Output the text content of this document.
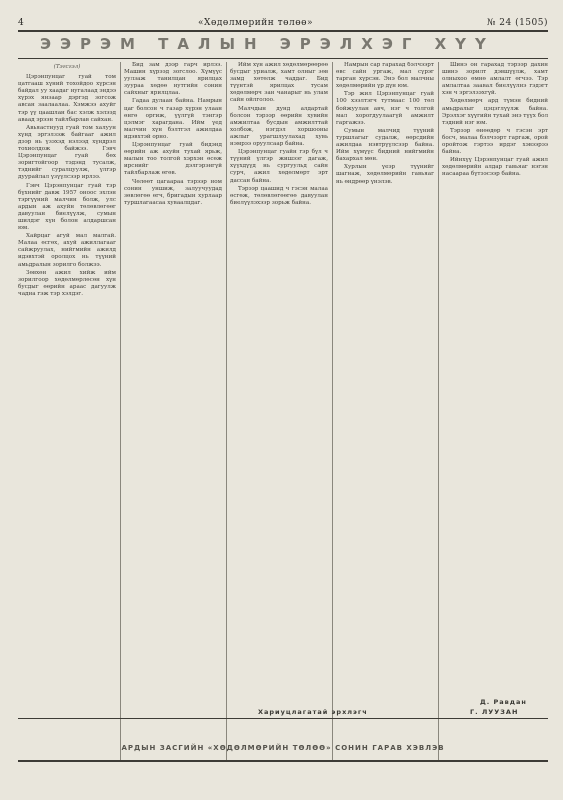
4	«Хөдөлмөрийн төлөө»	№ 24 (1505)
ЭЭРЭМ ТАЛЫН ЭРЭЛХЭГ ХҮҮ

(Тэгсгэл)

Цэрэнпунцаг гуай том цатгааш хүний тохойдоо хүрсэн байдал уу хаадаг нугалаад эндээ хүрэх янзаар дэргэд зогсож авсан заалаалаа. Хэмжээ ахуйг тэр үү цаашлан бас хэлж хэлээд аваад эрээн тайлбарлав сайхан.

Авьяастнууд гуай том халуун хүнд эргэлзэж байгааг ажил дээр нь үзэхэд нэлээд хүндрэл тохиолдож байжээ. Гэвч Цэрэнпунцаг гуай бөх зоригтойгоор тэдэнд тусалж, тэднийг суралцуулж, үлгэр дуурайлал үзүүлсээр ирлээ.

Гэвч Цэрэнпунцаг гуай тэр бүхнийг давж 1957 оноос эхлэн тэргүүний малчин болж, улс ардын аж ахуйн төлөвлөгөөг давуулан биелүүлж, сумын шилдэг хүн болон алдаршсан юм.

Хайрцаг агуй мал малгай. Малаа өсгөх, ахуй ажиллагааг сайжруулах, нийгмийн ажилд идэвхтэй оролцох нь түүний амьдралын зорилго болжээ.

Зөвхөн ажил хийж ийм зорилгоор хөдөлмөрлөсөн хүн бусдыг өөрийн араас дагуулж чадна гэж тэр хэлдэг.

Бид зам дээр гарч ирлээ. Машин хүрээд зогслоо. Хүмүүс уулзаж танилцан ярилцах зуураа хөдөө нутгийн сонин сайхныг ярилцлаа.

Гадаа дулаан байна. Намрын цаг болсон ч газар хүрэн улаан өнгө оргиж, үүлгүй тэнгэр цэлмэг харагдана. Ийм үед малчин хүн бэлтгэл ажилдаа идэвхтэй орно.

Цэрэнпунцаг гуай бидэнд өөрийн аж ахуйн тухай ярьж, малын тоо толгой хэрхэн өсөж ирснийг дэлгэрэнгүй тайлбарлаж өгөв.

Чөлөөт цагаараа тэрээр ном сонин уншиж, залуучуудад зөвлөгөө өгч, бригадын хурлаар туршлагаасаа хуваалцдаг.

Ийм хүн ажил хөдөлмөрөөрөө бусдыг уриалж, хамт олныг зөв замд хөтөлж чаддаг. Бид түүнтэй ярилцах тусам хөдөлмөрч зан чанарыг нь улам сайн ойлголоо.

Малчдын дунд алдартай болсон тэрээр өөрийн хувийн амжилтаа бусдын амжилттай холбож, нэгдэл хоршооны ажлыг урагшлуулахад хувь нэмрээ оруулсаар байна.

Цэрэнпунцаг гуайн гэр бүл ч түүний үлгэр жишээг дагаж, хүүхдүүд нь сургуульд сайн сурч, ажил хөдөлмөрт эрт дассан байна.

Тэрээр цаашид ч гэсэн малаа өсгөж, төлөвлөгөөгөө давуулан биелүүлэхээр зорьж байна.

Намрын сар гарахад бэлчээрт өвс сайн ургаж, мал сүрэг тарган хүрсэн. Энэ бол малчны хөдөлмөрийн үр дүн юм.

Тэр жил Цэрэнпунцаг гуай 100 хээлтэгч тутмаас 100 төл бойжуулан авч, нэг ч толгой мал хорогдуулаагүй амжилт гаргажээ.

Сумын малчид түүний туршлагыг судалж, өөрсдийн ажилдаа нэвтрүүлсээр байна. Ийм хүмүүс бидний нийгмийн бахархал мөн.

Хурлын үеэр түүнийг шагнаж, хөдөлмөрийн гавьяаг нь өндрөөр үнэлэв.

Шинэ он гарахад тэрээр дахин шинэ зорилт дэвшүүлж, хамт олныхоо өмнө амлалт өгчээ. Тэр амлалтаа заавал биелүүлнэ гэдэгт хэн ч эргэлзэхгүй.

Хөдөлмөрч ард түмэн бидний амьдралыг цэцэглүүлж байна. Эрэлхэг хүүгийн тухай энэ түүх бол тэдний нэг юм.

Тэрээр өнөөдөр ч гэсэн эрт босч, малаа бэлчээрт гаргаж, орой оройтож гэртээ ирдэг хэвээрээ байна.

Ийнхүү Цэрэнпунцаг гуай ажил хөдөлмөрийн алдар гавьяаг нэгэн насаараа бүтээсээр байна.

Хариуцлагатай эрхлэгч	Г. ЛУУЗАН
Д. Равдан
АРДЫН ЗАСГИЙН «ХӨДӨЛМӨРИЙН ТӨЛӨӨ» СОНИН ГАРАВ ХЭВЛЭВ
